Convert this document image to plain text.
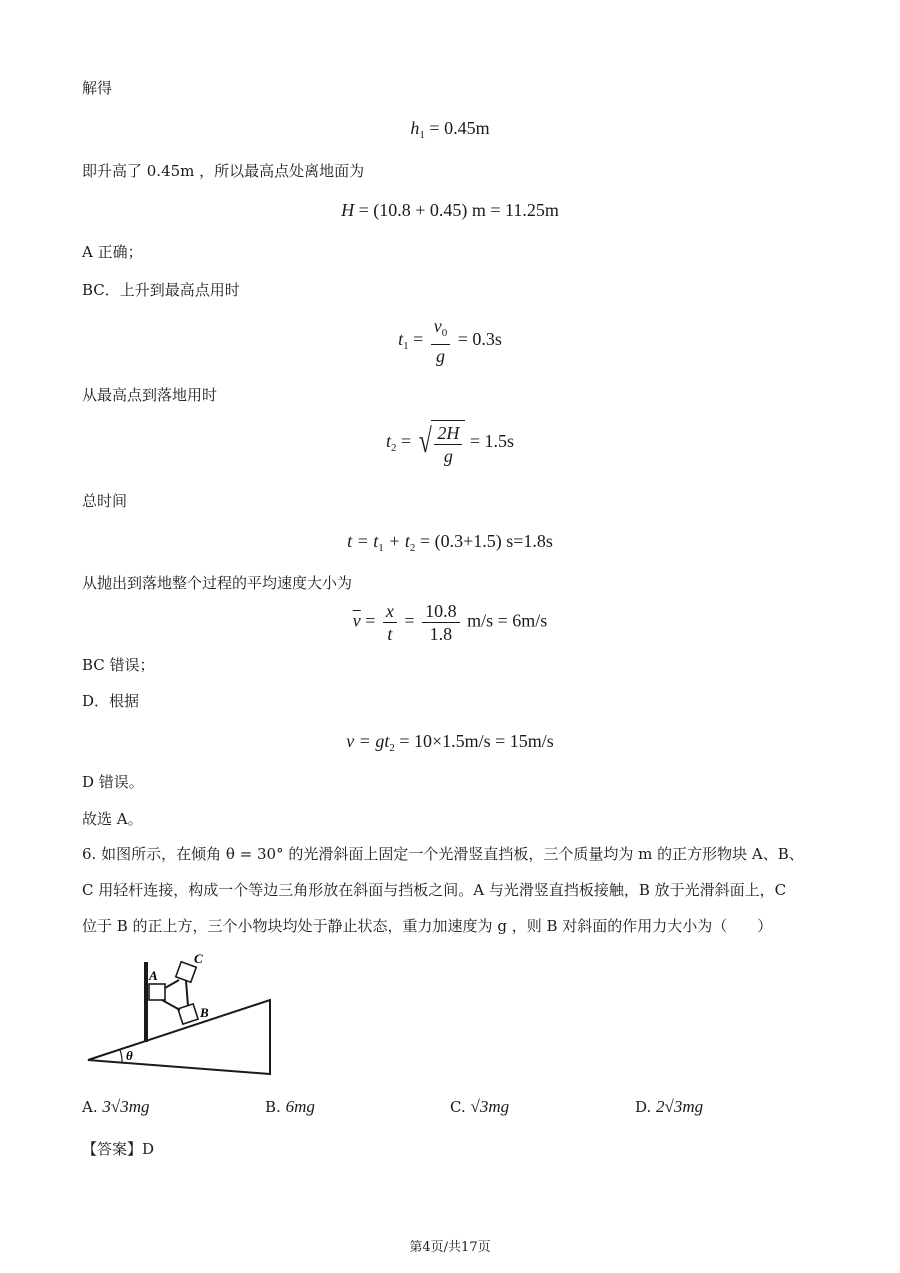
解得
$h_1 = 0.45m$
即升高了 0.45m ，所以最高点处离地面为
H = (10.8 + 0.45) m = 11.25m
A 正确；
BC．上升到最高点用时
$t_1 = \frac{v_0}{g} = 0.3s$
从最高点到落地用时
$t_2$ = √ $\frac{2H}{g} = 1.5s$
总时间
$t = t_1 + t_2 = (0.3+1.5)$ s=1.8s
从抛出到落地整个过程的平均速度大小为
$\overline{v} = \frac{x}{t} = \frac{10.8}{1.8} m/s = 6m/s$
BC 错误；
D．根据
$v = gt_2 = 10\times 1.5m/s = 15m/s$
D 错误。
故选 A。
6. 如图所示，在倾角 θ = 30° 的光滑斜面上固定一个光滑竖直挡板，三个质量均为 m 的正方形物块 A、B、
C 用轻杆连接，构成一个等边三角形放在斜面与挡板之间。A 与光滑竖直挡板接触，B 放于光滑斜面上，C
位于 B 的正上方，三个小物块均处于静止状态，重力加速度为 g ，则 B 对斜面的作用力大小为（　　）
θ
A
C
B
A. 3√3mg	B. 6mg	C. √3mg	D. 2√3mg
【答案】D
第4页/共17页
